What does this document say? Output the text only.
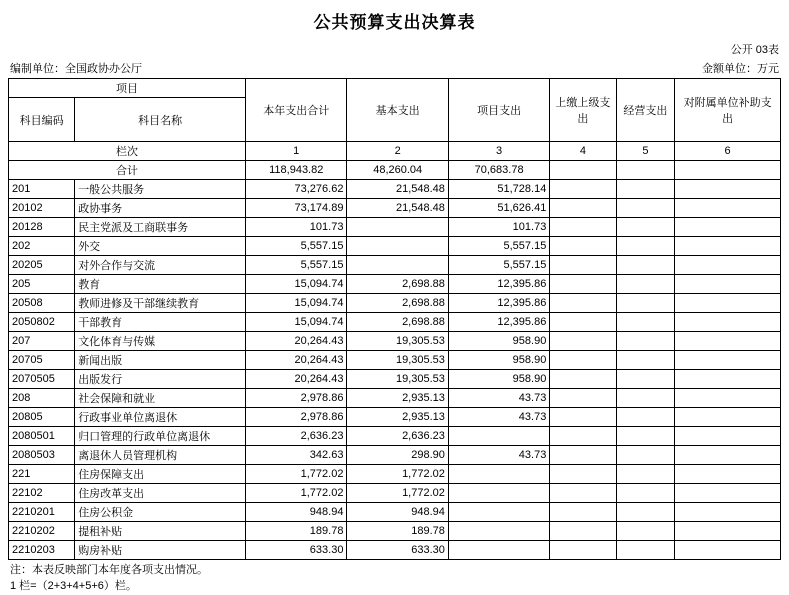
公共预算支出决算表
公开 03表
编制单位：全国政协办公厅	金额单位：万元
项目		本年支出合计	基本支出	项目支出	上缴上级支出	经营支出	对附属单位补助支出
科目编码	科目名称						
栏次		1	2	3	4	5	6
合计		118,943.82	48,260.04	70,683.78			
201	一般公共服务	73,276.62	21,548.48	51,728.14			
20102	政协事务	73,174.89	21,548.48	51,626.41			
20128	民主党派及工商联事务	101.73		101.73			
202	外交	5,557.15		5,557.15			
20205	对外合作与交流	5,557.15		5,557.15			
205	教育	15,094.74	2,698.88	12,395.86			
20508	教师进修及干部继续教育	15,094.74	2,698.88	12,395.86			
2050802	干部教育	15,094.74	2,698.88	12,395.86			
207	文化体育与传媒	20,264.43	19,305.53	958.90			
20705	新闻出版	20,264.43	19,305.53	958.90			
2070505	出版发行	20,264.43	19,305.53	958.90			
208	社会保障和就业	2,978.86	2,935.13	43.73			
20805	行政事业单位离退休	2,978.86	2,935.13	43.73			
2080501	归口管理的行政单位离退休	2,636.23	2,636.23				
2080503	离退休人员管理机构	342.63	298.90	43.73			
221	住房保障支出	1,772.02	1,772.02				
22102	住房改革支出	1,772.02	1,772.02				
2210201	住房公积金	948.94	948.94				
2210202	提租补贴	189.78	189.78				
2210203	购房补贴	633.30	633.30				
注：本表反映部门本年度各项支出情况。
1 栏=（2+3+4+5+6）栏。
